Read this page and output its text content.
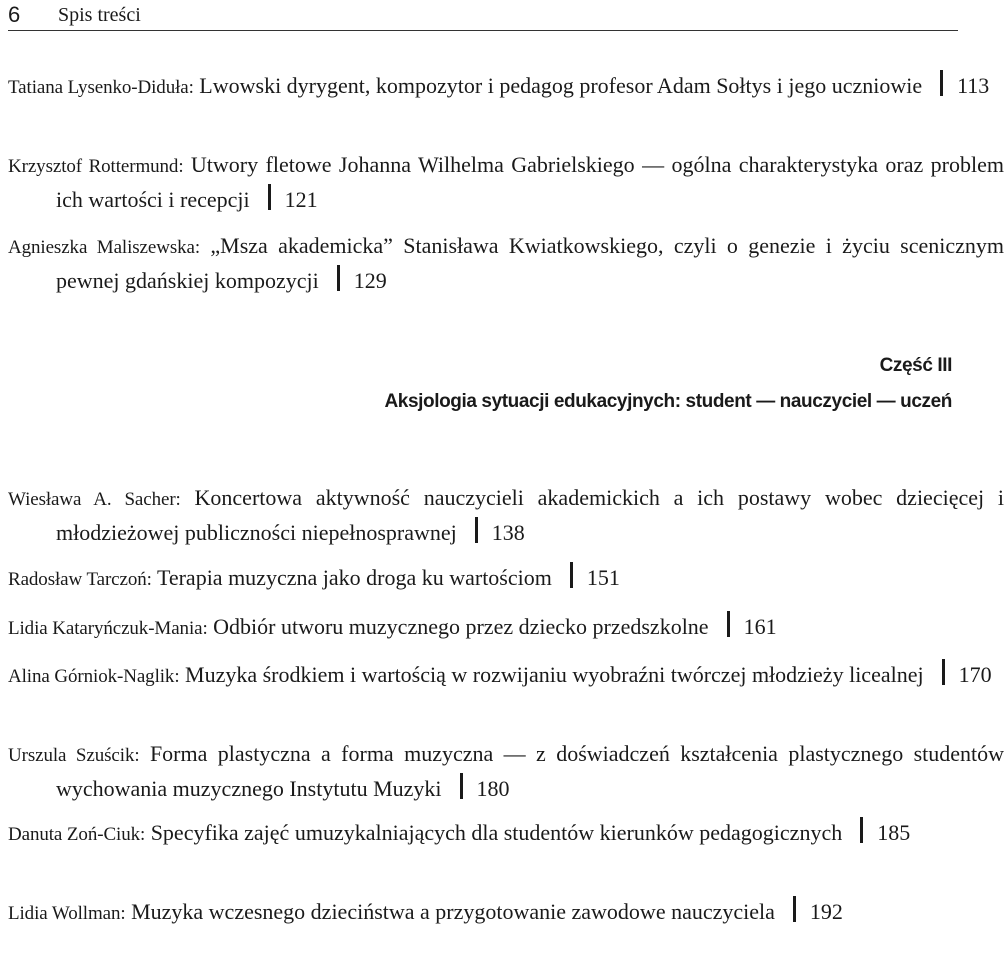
6 Spis treści
Tatiana Lysenko-Diduła: Lwowski dyrygent, kompozytor i pedagog profesor Adam Sołtys i jego uczniowie 113
Krzysztof Rottermund: Utwory fletowe Johanna Wilhelma Gabrielskiego — ogólna charakterystyka oraz problem ich wartości i recepcji 121
Agnieszka Maliszewska: „Msza akademicka” Stanisława Kwiatkowskiego, czyli o genezie i życiu scenicznym pewnej gdańskiej kompozycji 129
Część III
Aksjologia sytuacji edukacyjnych: student — nauczyciel — uczeń
Wiesława A. Sacher: Koncertowa aktywność nauczycieli akademickich a ich postawy wobec dziecięcej i młodzieżowej publiczności niepełnosprawnej 138
Radosław Tarczoń: Terapia muzyczna jako droga ku wartościom 151
Lidia Kataryńczuk-Mania: Odbiór utworu muzycznego przez dziecko przedszkolne 161
Alina Górniok-Naglik: Muzyka środkiem i wartością w rozwijaniu wyobraźni twórczej młodzieży licealnej 170
Urszula Szuścik: Forma plastyczna a forma muzyczna — z doświadczeń kształcenia plastycznego studentów wychowania muzycznego Instytutu Muzyki 180
Danuta Zoń-Ciuk: Specyfika zajęć umuzykalniających dla studentów kierunków pedagogicznych 185
Lidia Wollman: Muzyka wczesnego dzieciństwa a przygotowanie zawodowe nauczyciela 192
